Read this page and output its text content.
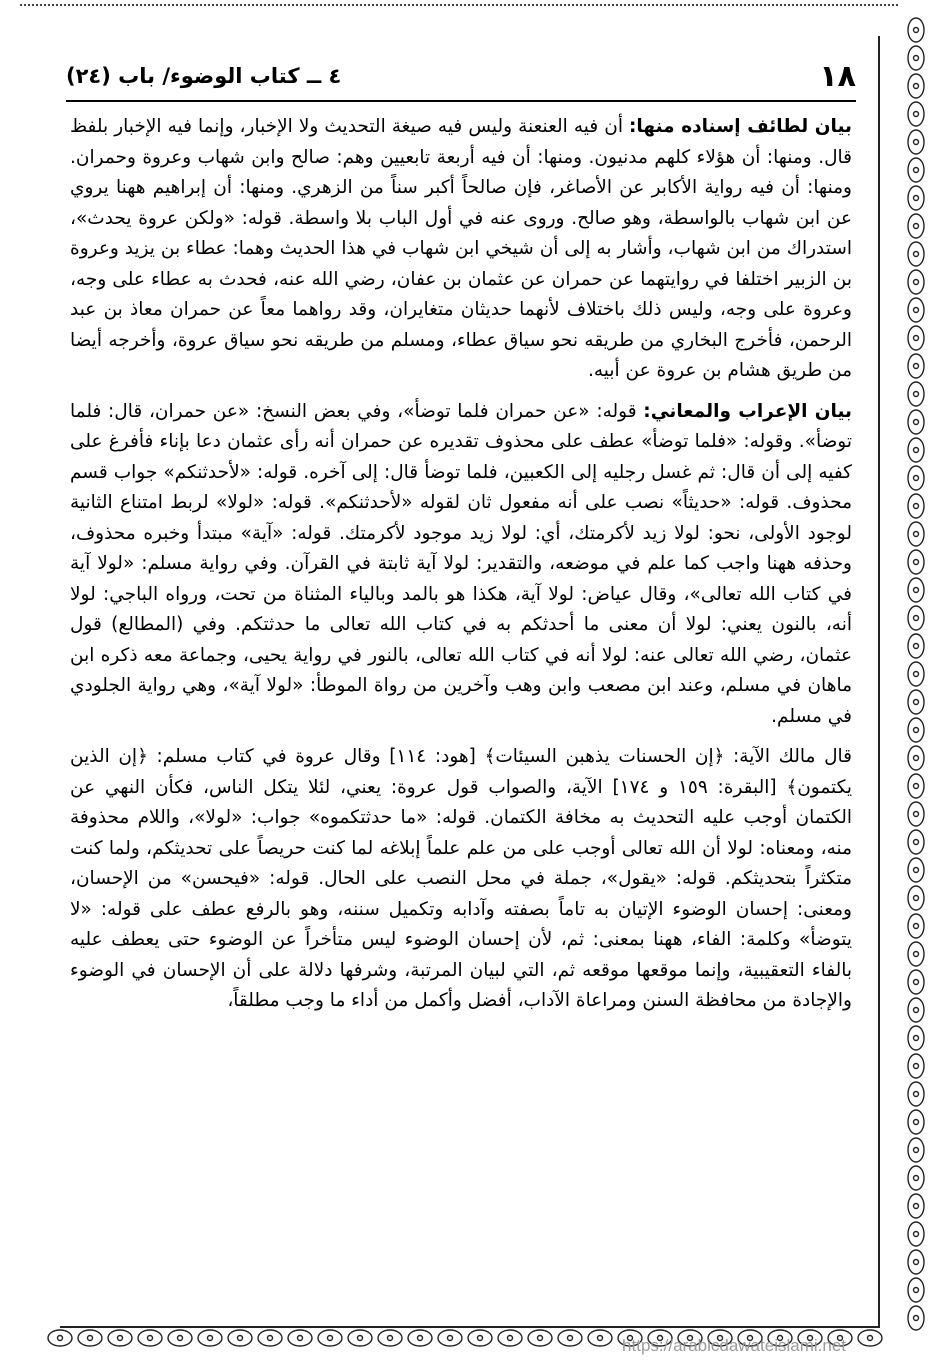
١٨
٤ ــ كتاب الوضوء/ باب (٢٤)

بيان لطائف إسناده منها: أن فيه العنعنة وليس فيه صيغة التحديث ولا الإخبار، وإنما فيه الإخبار بلفظ قال. ومنها: أن هؤلاء كلهم مدنيون. ومنها: أن فيه أربعة تابعيين وهم: صالح وابن شهاب وعروة وحمران. ومنها: أن فيه رواية الأكابر عن الأصاغر، فإن صالحاً أكبر سناً من الزهري. ومنها: أن إبراهيم ههنا يروي عن ابن شهاب بالواسطة، وهو صالح. وروى عنه في أول الباب بلا واسطة. قوله: «ولكن عروة يحدث»، استدراك من ابن شهاب، وأشار به إلى أن شيخي ابن شهاب في هذا الحديث وهما: عطاء بن يزيد وعروة بن الزبير اختلفا في روايتهما عن حمران عن عثمان بن عفان، رضي الله عنه، فحدث به عطاء على وجه، وعروة على وجه، وليس ذلك باختلاف لأنهما حديثان متغايران، وقد رواهما معاً عن حمران معاذ بن عبد الرحمن، فأخرج البخاري من طريقه نحو سياق عطاء، ومسلم من طريقه نحو سياق عروة، وأخرجه أيضا من طريق هشام بن عروة عن أبيه.

بيان الإعراب والمعاني: قوله: «عن حمران فلما توضأ»، وفي بعض النسخ: «عن حمران، قال: فلما توضأ». وقوله: «فلما توضأ» عطف على محذوف تقديره عن حمران أنه رأى عثمان دعا بإناء فأفرغ على كفيه إلى أن قال: ثم غسل رجليه إلى الكعبين، فلما توضأ قال: إلى آخره. قوله: «لأحدثنكم» جواب قسم محذوف. قوله: «حديثاً» نصب على أنه مفعول ثان لقوله «لأحدثنكم». قوله: «لولا» لربط امتناع الثانية لوجود الأولى، نحو: لولا زيد لأكرمتك، أي: لولا زيد موجود لأكرمتك. قوله: «آية» مبتدأ وخبره محذوف، وحذفه ههنا واجب كما علم في موضعه، والتقدير: لولا آية ثابتة في القرآن. وفي رواية مسلم: «لولا آية في كتاب الله تعالى»، وقال عياض: لولا آية، هكذا هو بالمد وبالياء المثناة من تحت، ورواه الباجي: لولا أنه، بالنون يعني: لولا أن معنى ما أحدثكم به في كتاب الله تعالى ما حدثتكم. وفي (المطالع) قول عثمان، رضي الله تعالى عنه: لولا أنه في كتاب الله تعالى، بالنور في رواية يحيى، وجماعة معه ذكره ابن ماهان في مسلم، وعند ابن مصعب وابن وهب وآخرين من رواة الموطأ: «لولا آية»، وهي رواية الجلودي في مسلم.

قال مالك الآية: ﴿إن الحسنات يذهبن السيئات﴾ [هود: ١١٤] وقال عروة في كتاب مسلم: ﴿إن الذين يكتمون﴾ [البقرة: ١٥٩ و ١٧٤] الآية، والصواب قول عروة: يعني، لئلا يتكل الناس، فكأن النهي عن الكتمان أوجب عليه التحديث به مخافة الكتمان. قوله: «ما حدثتكموه» جواب: «لولا»، واللام محذوفة منه، ومعناه: لولا أن الله تعالى أوجب على من علم علماً إبلاغه لما كنت حريصاً على تحديثكم، ولما كنت متكثراً بتحديثكم. قوله: «يقول»، جملة في محل النصب على الحال. قوله: «فيحسن» من الإحسان، ومعنى: إحسان الوضوء الإتيان به تاماً بصفته وآدابه وتكميل سننه، وهو بالرفع عطف على قوله: «لا يتوضأ» وكلمة: الفاء، ههنا بمعنى: ثم، لأن إحسان الوضوء ليس متأخراً عن الوضوء حتى يعطف عليه بالفاء التعقيبية، وإنما موقعها موقعه ثم، التي لبيان المرتبة، وشرفها دلالة على أن الإحسان في الوضوء والإجادة من محافظة السنن ومراعاة الآداب، أفضل وأكمل من أداء ما وجب مطلقاً،

https://arabicdawateislami.net
